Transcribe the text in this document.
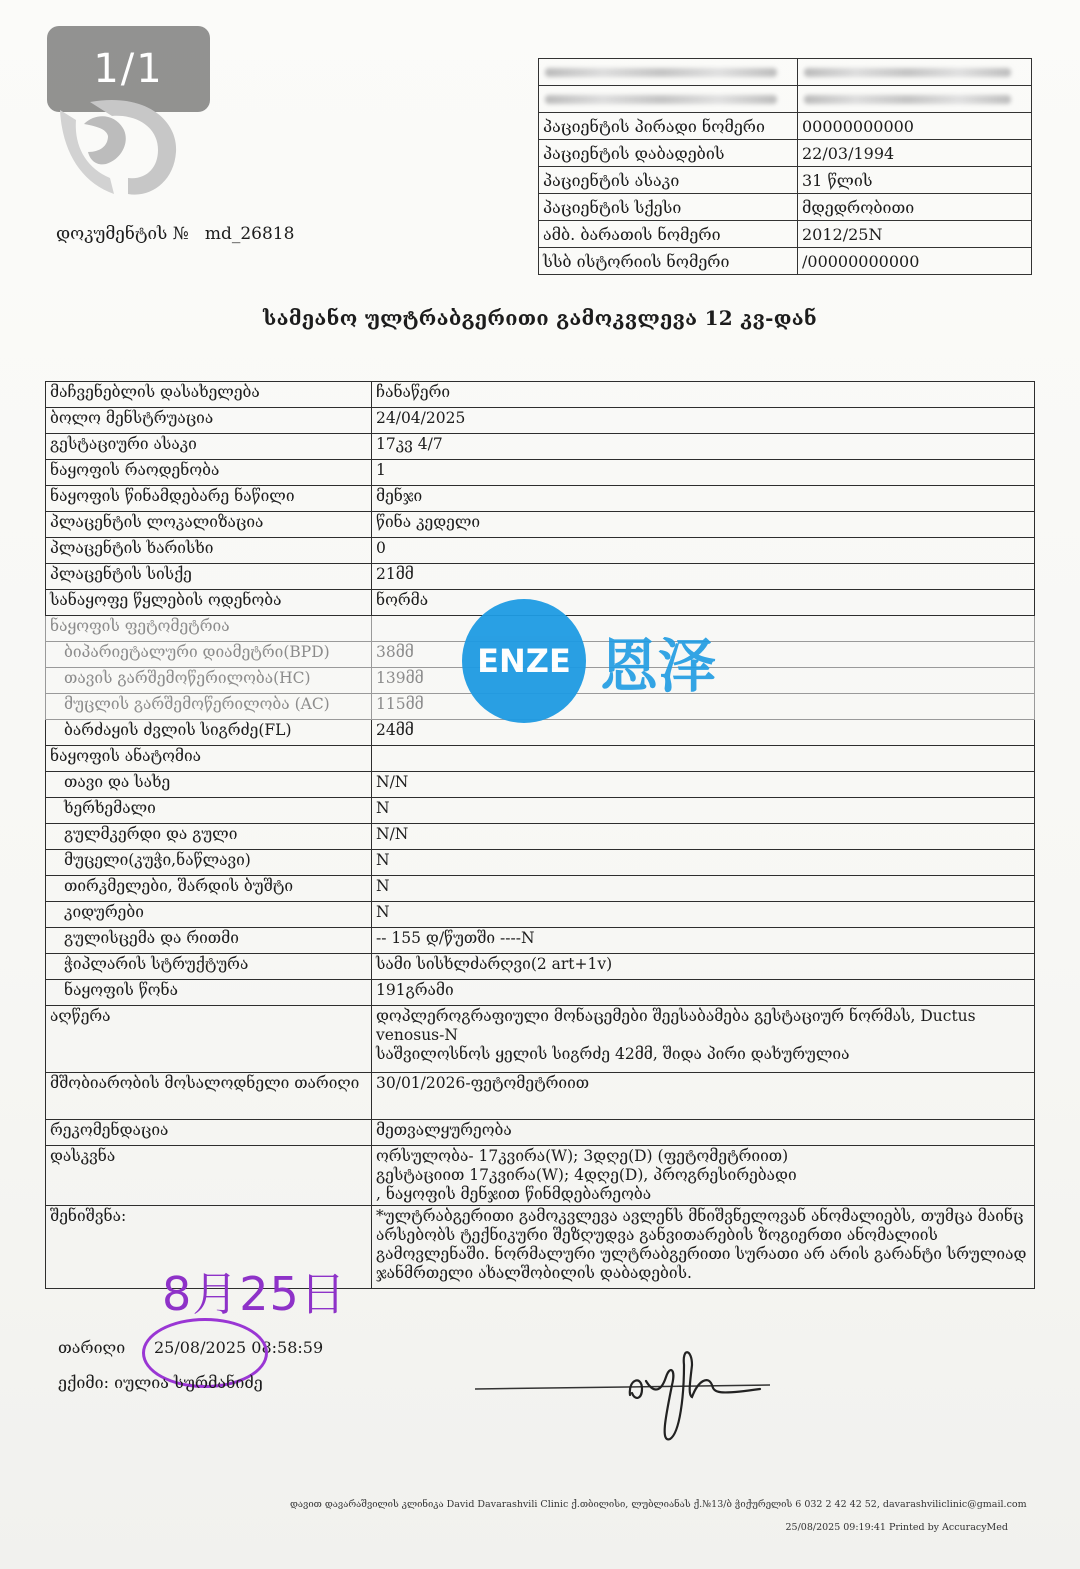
1/1
დოკუმენტის № md_26818

პაციენტის პირადი ნომერი	00000000000
პაციენტის დაბადების	22/03/1994
პაციენტის ასაკი	31 წლის
პაციენტის სქესი	მდედრობითი
ამბ. ბარათის ნომერი	2012/25N
სსბ ისტორიის ნომერი	/00000000000
სამეანო ულტრაბგერითი გამოკვლევა 12 კვ-დან
მაჩვენებლის დასახელება	ჩანაწერი
ბოლო მენსტრუაცია	24/04/2025
გესტაციური ასაკი	17კვ 4/7
ნაყოფის რაოდენობა	1
ნაყოფის წინამდებარე ნაწილი	მენჯი
პლაცენტის ლოკალიზაცია	წინა კედელი
პლაცენტის ხარისხი	0
პლაცენტის სისქე	21მმ
სანაყოფე წყლების ოდენობა	ნორმა
ნაყოფის ფეტომეტრია	
ბიპარიეტალური დიამეტრი(BPD)	38მმ
თავის გარშემოწერილობა(HC)	139მმ
მუცლის გარშემოწერილობა (AC)	115მმ
ბარძაყის ძვლის სიგრძე(FL)	24მმ
ნაყოფის ანატომია	
თავი და სახე	N/N
ხერხემალი	N
გულმკერდი და გული	N/N
მუცელი(კუჭი,ნაწლავი)	N
თირკმელები, შარდის ბუშტი	N
კიდურები	N
გულისცემა და რითმი	-- 155 დ/წუთში ----N
ჭიპლარის სტრუქტურა	სამი სისხლძარღვი(2 art+1v)
ნაყოფის წონა	191გრამი
აღწერა	დოპლეროგრაფიული მონაცემები შეესაბამება გესტაციურ ნორმას, Ductus venosus-N
საშვილოსნოს ყელის სიგრძე 42მმ, შიდა პირი დახურულია

მშობიარობის მოსალოდნელი თარიღი	30/01/2026-ფეტომეტრიით
რეკომენდაცია	მეთვალყურეობა
დასკვნა	ორსულობა- 17კვირა(W); 3დღე(D) (ფეტომეტრიით)
გესტაციით 17კვირა(W); 4დღე(D), პროგრესირებადი
, ნაყოფის მენჯით წინმდებარეობა

შენიშვნა:	*ულტრაბგერითი გამოკვლევა ავლენს მნიშვნელოვან ანომალიებს, თუმცა მაინც არსებობს ტექნიკური შეზღუდვა განვითარების ზოგიერთი ანომალიის გამოვლენაში. ნორმალური ულტრაბგერითი სურათი არ არის გარანტი სრულიად ჯანმრთელი ახალშობილის დაბადების.
ENZE 恩泽
8月25日
თარიღი 25/08/2025 08:58:59
ექიმი: იულია სურმანიძე
დავით დავარაშვილის კლინიკა David Davarashvili Clinic ქ.თბილისი, ლუბლიანას ქ.№13/ბ ჭიქურელის 6 032 2 42 42 52, davarashviliclinic@gmail.com
25/08/2025 09:19:41 Printed by AccuracyMed
